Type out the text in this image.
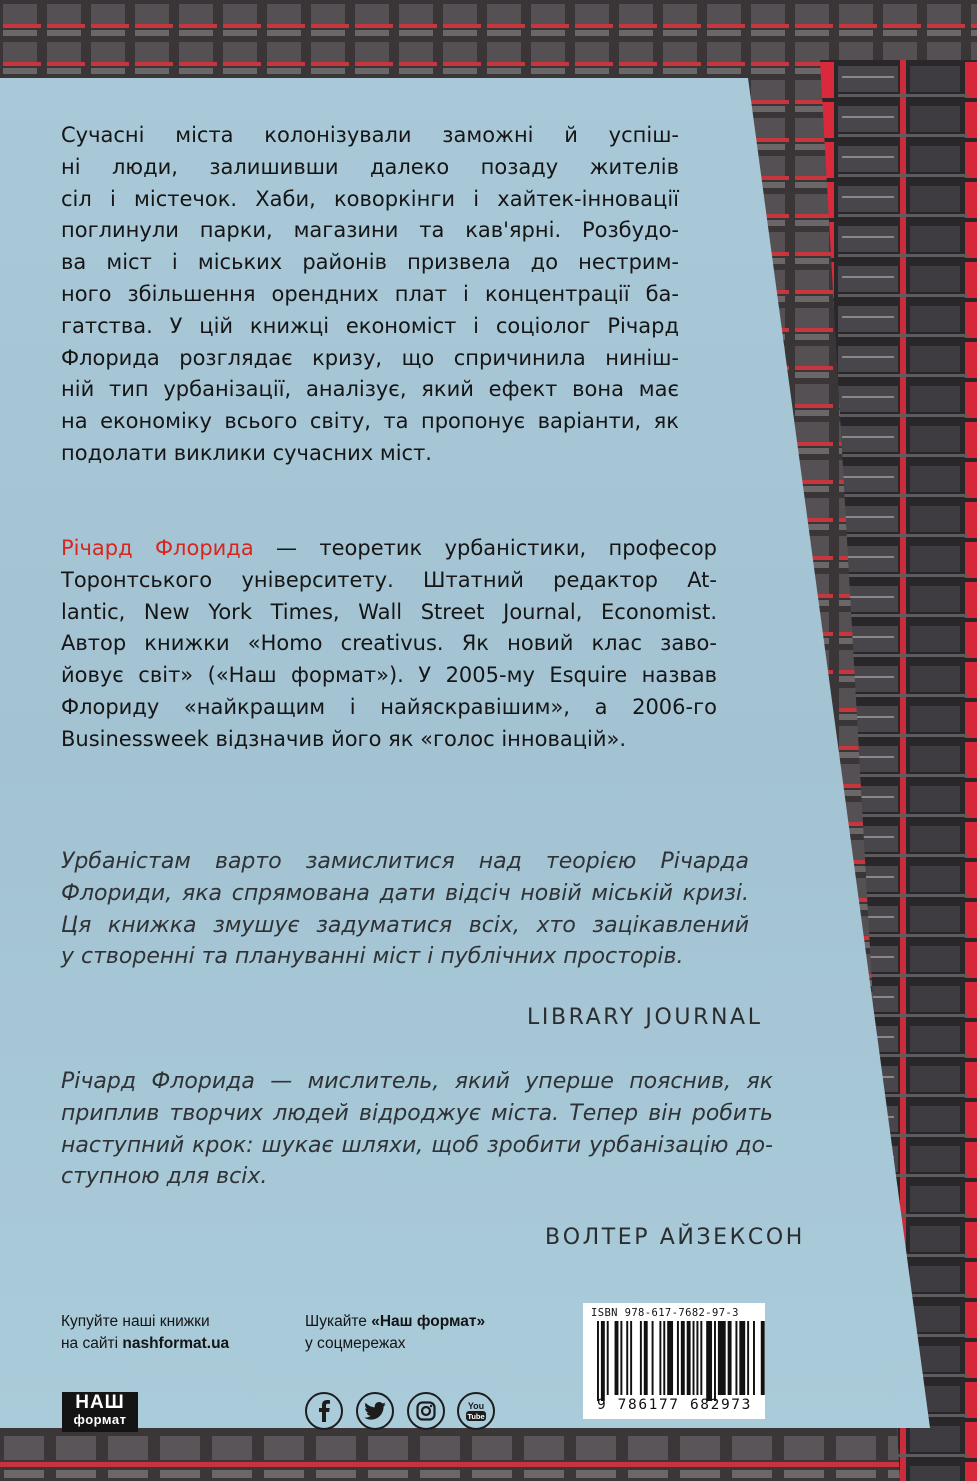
Сучасні міста колонізували заможні й успіш-
ні люди, залишивши далеко позаду жителів
сіл і містечок. Хаби, коворкінги і хайтек-інновації
поглинули парки, магазини та кав'ярні. Розбудо-
ва міст і міських районів призвела до нестрим-
ного збільшення орендних плат і концентрації ба-
гатства. У цій книжці економіст і соціолог Річард
Флорида розглядає кризу, що спричинила ниніш-
ній тип урбанізації, аналізує, який ефект вона має
на економіку всього світу, та пропонує варіанти, як
подолати виклики сучасних міст.
Річард Флорида — теоретик урбаністики, професор
Торонтського університету. Штатний редактор At-
lantic, New York Times, Wall Street Journal, Economist.
Автор книжки «Homo creativus. Як новий клас заво-
йовує світ» («Наш формат»). У 2005-му Esquire назвав
Флориду «найкращим і найяскравішим», а 2006-го
Businessweek відзначив його як «голос інновацій».
Урбаністам варто замислитися над теорією Річарда
Флориди, яка спрямована дати відсіч новій міській кризі.
Ця книжка змушує задуматися всіх, хто зацікавлений
у створенні та плануванні міст і публічних просторів.
LIBRARY JOURNAL
Річард Флорида — мислитель, який уперше пояснив, як
приплив творчих людей відроджує міста. Тепер він робить
наступний крок: шукає шляхи, щоб зробити урбанізацію до-
ступною для всіх.
ВОЛТЕР АЙЗЕКСОН
Купуйте наші книжки
на сайті nashformat.ua
Шукайте «Наш формат»
у соцмережах
НАШ
формат
You
Tube
ISBN 978-617-7682-97-3
9 786177 682973
